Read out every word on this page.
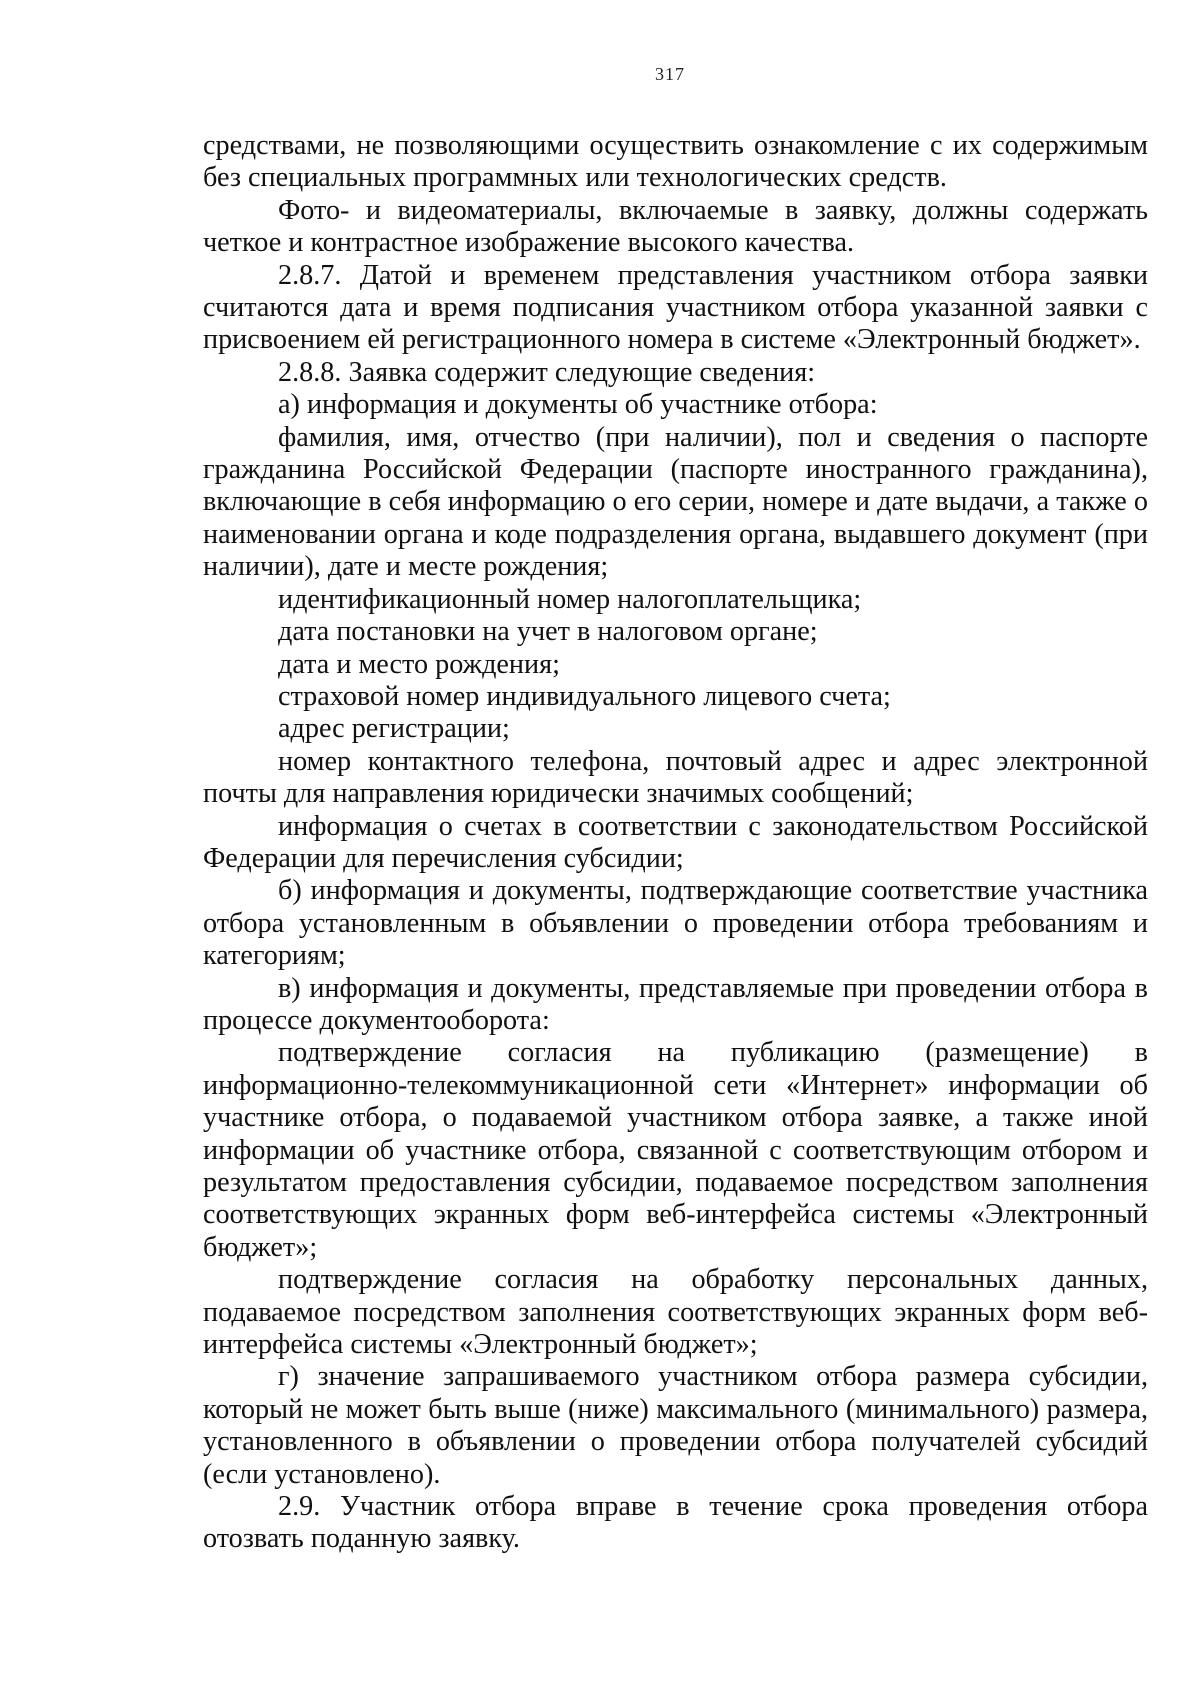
317

средствами, не позволяющими осуществить ознакомление с их содержимым без специальных программных или технологических средств.

Фото- и видеоматериалы, включаемые в заявку, должны содержать четкое и контрастное изображение высокого качества.

2.8.7. Датой и временем представления участником отбора заявки считаются дата и время подписания участником отбора указанной заявки с присвоением ей регистрационного номера в системе «Электронный бюджет».

2.8.8. Заявка содержит следующие сведения:

а) информация и документы об участнике отбора:

фамилия, имя, отчество (при наличии), пол и сведения о паспорте гражданина Российской Федерации (паспорте иностранного гражданина), включающие в себя информацию о его серии, номере и дате выдачи, а также о наименовании органа и коде подразделения органа, выдавшего документ (при наличии), дате и месте рождения;

идентификационный номер налогоплательщика;

дата постановки на учет в налоговом органе;

дата и место рождения;

страховой номер индивидуального лицевого счета;

адрес регистрации;

номер контактного телефона, почтовый адрес и адрес электронной почты для направления юридически значимых сообщений;

информация о счетах в соответствии с законодательством Российской Федерации для перечисления субсидии;

б) информация и документы, подтверждающие соответствие участника отбора установленным в объявлении о проведении отбора требованиям и категориям;

в) информация и документы, представляемые при проведении отбора в процессе документооборота:

подтверждение согласия на публикацию (размещение) в информационно-телекоммуникационной сети «Интернет» информации об участнике отбора, о подаваемой участником отбора заявке, а также иной информации об участнике отбора, связанной с соответствующим отбором и результатом предоставления субсидии, подаваемое посредством заполнения соответствующих экранных форм веб-интерфейса системы «Электронный бюджет»;

подтверждение согласия на обработку персональных данных, подаваемое посредством заполнения соответствующих экранных форм веб-интерфейса системы «Электронный бюджет»;

г) значение запрашиваемого участником отбора размера субсидии, который не может быть выше (ниже) максимального (минимального) размера, установленного в объявлении о проведении отбора получателей субсидий (если установлено).

2.9. Участник отбора вправе в течение срока проведения отбора отозвать поданную заявку.
